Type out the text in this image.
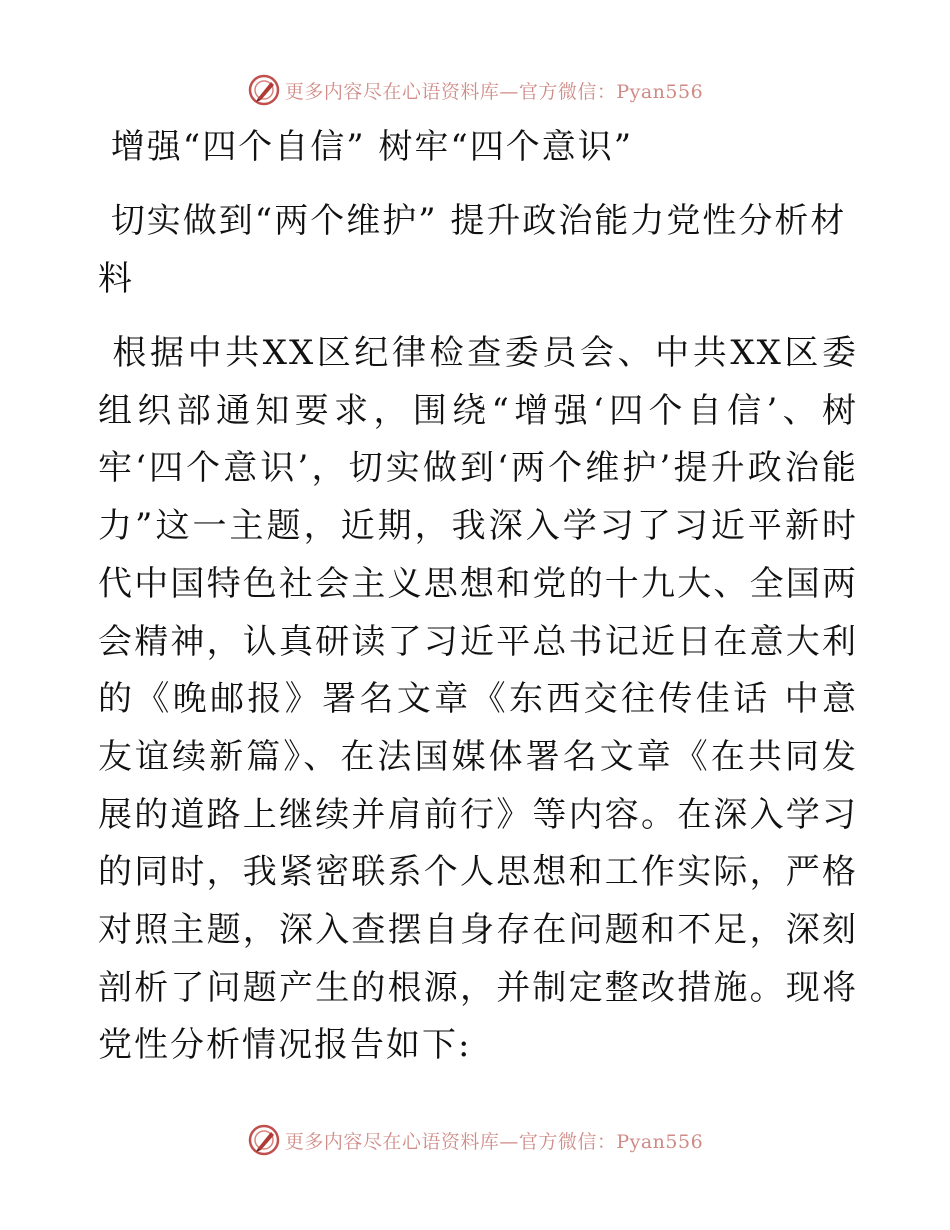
更多内容尽在心语资料库—官方微信：Pyan556
增强“四个自信” 树牢“四个意识”
切实做到“两个维护” 提升政治能力党性分析材料
根据中共XX区纪律检查委员会、中共XX区委组织部通知要求，围绕“增强‘四个自信’、树牢‘四个意识’，切实做到‘两个维护’提升政治能力”这一主题，近期，我深入学习了习近平新时代中国特色社会主义思想和党的十九大、全国两会精神，认真研读了习近平总书记近日在意大利的《晚邮报》署名文章《东西交往传佳话 中意友谊续新篇》、在法国媒体署名文章《在共同发展的道路上继续并肩前行》等内容。在深入学习的同时，我紧密联系个人思想和工作实际，严格对照主题，深入查摆自身存在问题和不足，深刻剖析了问题产生的根源，并制定整改措施。现将党性分析情况报告如下:
更多内容尽在心语资料库—官方微信：Pyan556
